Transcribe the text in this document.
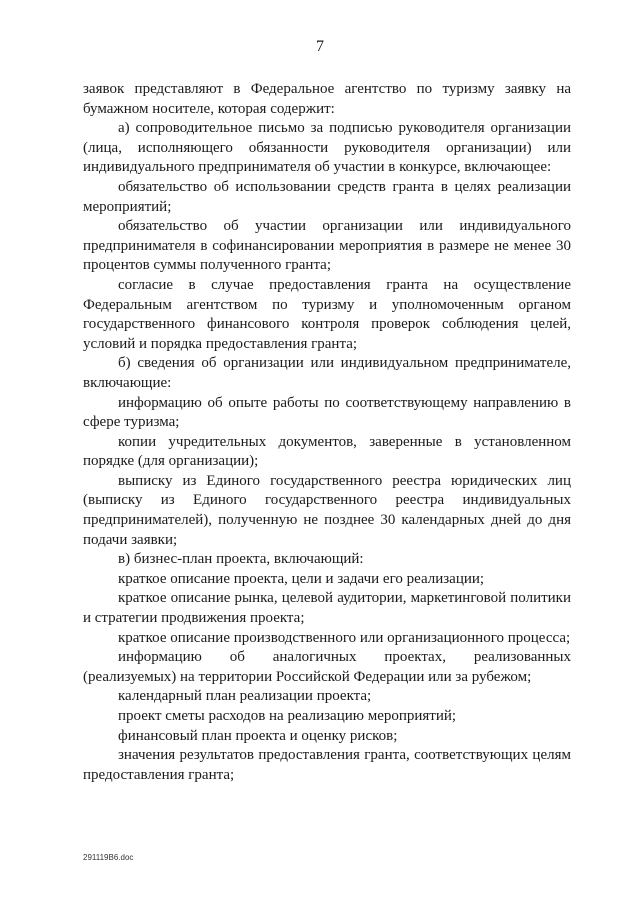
7

заявок представляют в Федеральное агентство по туризму заявку на бумажном носителе, которая содержит:

а) сопроводительное письмо за подписью руководителя организации (лица, исполняющего обязанности руководителя организации) или индивидуального предпринимателя об участии в конкурсе, включающее:

обязательство об использовании средств гранта в целях реализации мероприятий;

обязательство об участии организации или индивидуального предпринимателя в софинансировании мероприятия в размере не менее 30 процентов суммы полученного гранта;

согласие в случае предоставления гранта на осуществление Федеральным агентством по туризму и уполномоченным органом государственного финансового контроля проверок соблюдения целей, условий и порядка предоставления гранта;

б) сведения об организации или индивидуальном предпринимателе, включающие:

информацию об опыте работы по соответствующему направлению в сфере туризма;

копии учредительных документов, заверенные в установленном порядке (для организации);

выписку из Единого государственного реестра юридических лиц (выписку из Единого государственного реестра индивидуальных предпринимателей), полученную не позднее 30 календарных дней до дня подачи заявки;

в) бизнес-план проекта, включающий:

краткое описание проекта, цели и задачи его реализации;

краткое описание рынка, целевой аудитории, маркетинговой политики и стратегии продвижения проекта;

краткое описание производственного или организационного процесса;

информацию об аналогичных проектах, реализованных (реализуемых) на территории Российской Федерации или за рубежом;

календарный план реализации проекта;

проект сметы расходов на реализацию мероприятий;

финансовый план проекта и оценку рисков;

значения результатов предоставления гранта, соответствующих целям предоставления гранта;

291119B6.doc
